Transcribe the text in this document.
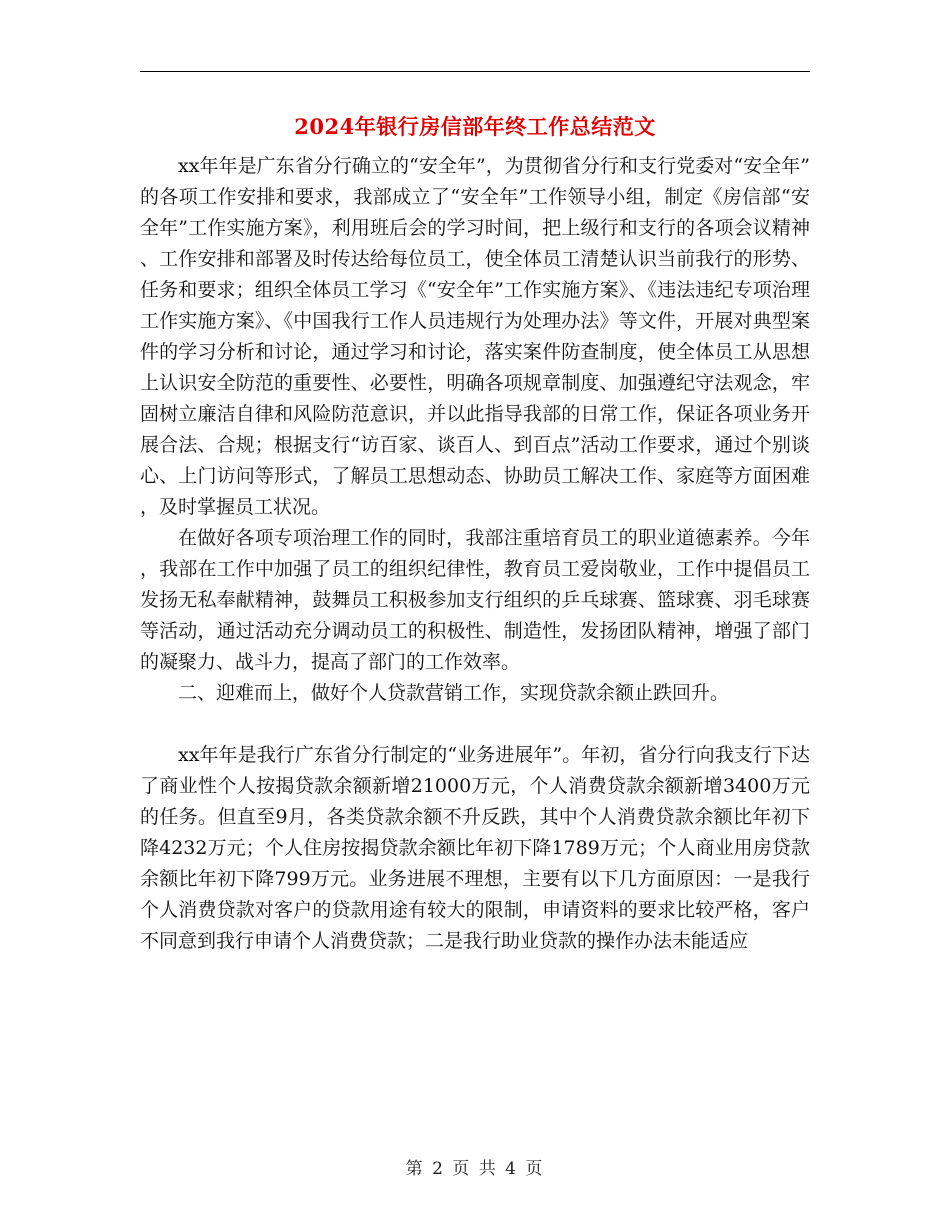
2024年银行房信部年终工作总结范文

xx年年是广东省分行确立的“安全年”，为贯彻省分行和支行党委对“安全年”的各项工作安排和要求，我部成立了“安全年”工作领导小组，制定《房信部“安全年”工作实施方案》，利用班后会的学习时间，把上级行和支行的各项会议精神、工作安排和部署及时传达给每位员工，使全体员工清楚认识当前我行的形势、任务和要求；组织全体员工学习《“安全年”工作实施方案》、《违法违纪专项治理工作实施方案》、《中国我行工作人员违规行为处理办法》等文件，开展对典型案件的学习分析和讨论，通过学习和讨论，落实案件防查制度，使全体员工从思想上认识安全防范的重要性、必要性，明确各项规章制度、加强遵纪守法观念，牢固树立廉洁自律和风险防范意识，并以此指导我部的日常工作，保证各项业务开展合法、合规；根据支行“访百家、谈百人、到百点”活动工作要求，通过个别谈心、上门访问等形式，了解员工思想动态、协助员工解决工作、家庭等方面困难，及时掌握员工状况。

在做好各项专项治理工作的同时，我部注重培育员工的职业道德素养。今年，我部在工作中加强了员工的组织纪律性，教育员工爱岗敬业，工作中提倡员工发扬无私奉献精神，鼓舞员工积极参加支行组织的乒乓球赛、篮球赛、羽毛球赛等活动，通过活动充分调动员工的积极性、制造性，发扬团队精神，增强了部门的凝聚力、战斗力，提高了部门的工作效率。

二、迎难而上，做好个人贷款营销工作，实现贷款余额止跌回升。

xx年年是我行广东省分行制定的“业务进展年”。年初，省分行向我支行下达了商业性个人按揭贷款余额新增21000万元，个人消费贷款余额新增3400万元的任务。但直至9月，各类贷款余额不升反跌，其中个人消费贷款余额比年初下降4232万元；个人住房按揭贷款余额比年初下降1789万元；个人商业用房贷款余额比年初下降799万元。业务进展不理想，主要有以下几方面原因：一是我行个人消费贷款对客户的贷款用途有较大的限制，申请资料的要求比较严格，客户不同意到我行申请个人消费贷款；二是我行助业贷款的操作办法未能适应

第 2 页 共 4 页
